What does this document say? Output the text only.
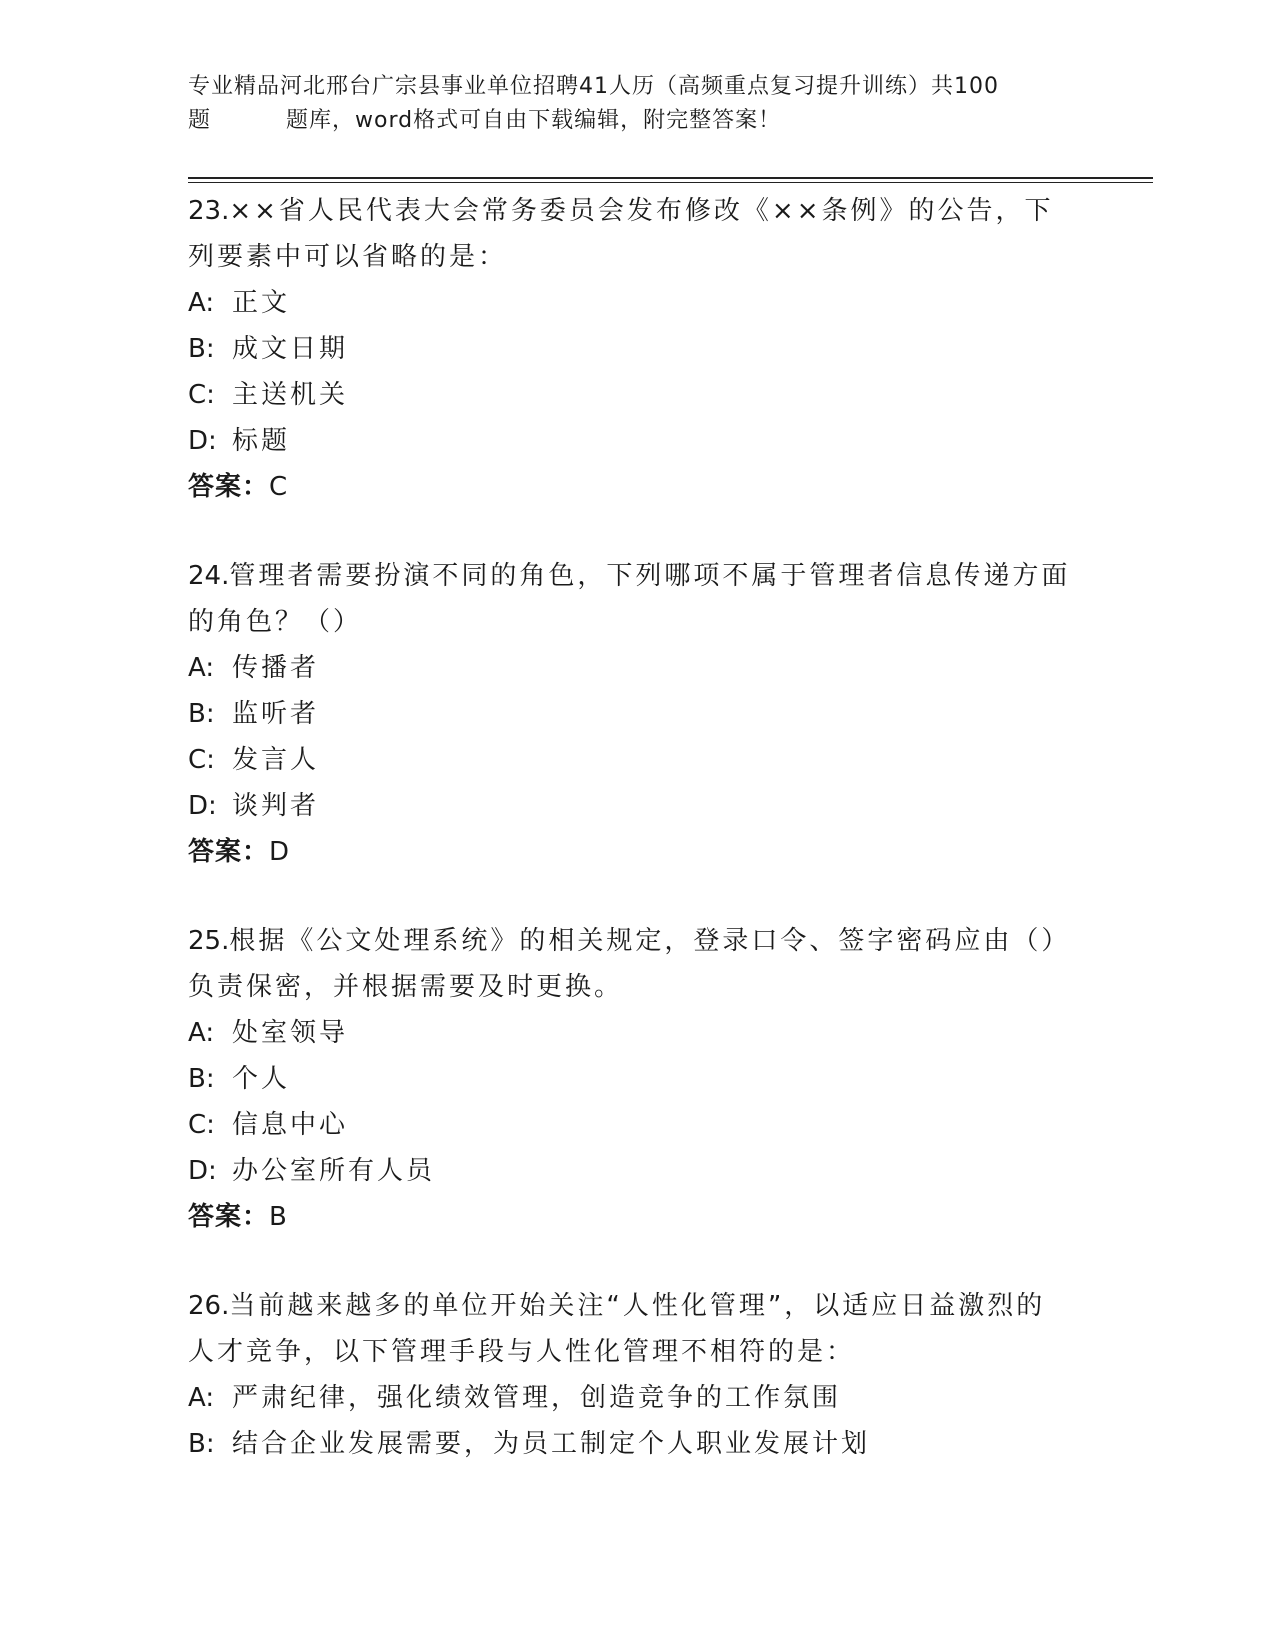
专业精品河北邢台广宗县事业单位招聘41人历（高频重点复习提升训练）共100
题	题库，word格式可自由下载编辑，附完整答案！

23.××省人民代表大会常务委员会发布修改《××条例》的公告，下

列要素中可以省略的是：

A: 正文

B: 成文日期

C: 主送机关

D: 标题

答案：C

24.管理者需要扮演不同的角色，下列哪项不属于管理者信息传递方面

的角色？（）

A: 传播者

B: 监听者

C: 发言人

D: 谈判者

答案：D

25.根据《公文处理系统》的相关规定，登录口令、签字密码应由（）

负责保密，并根据需要及时更换。

A: 处室领导

B: 个人

C: 信息中心

D: 办公室所有人员

答案：B

26.当前越来越多的单位开始关注“人性化管理”，以适应日益激烈的

人才竞争，以下管理手段与人性化管理不相符的是：

A: 严肃纪律，强化绩效管理，创造竞争的工作氛围

B: 结合企业发展需要，为员工制定个人职业发展计划
